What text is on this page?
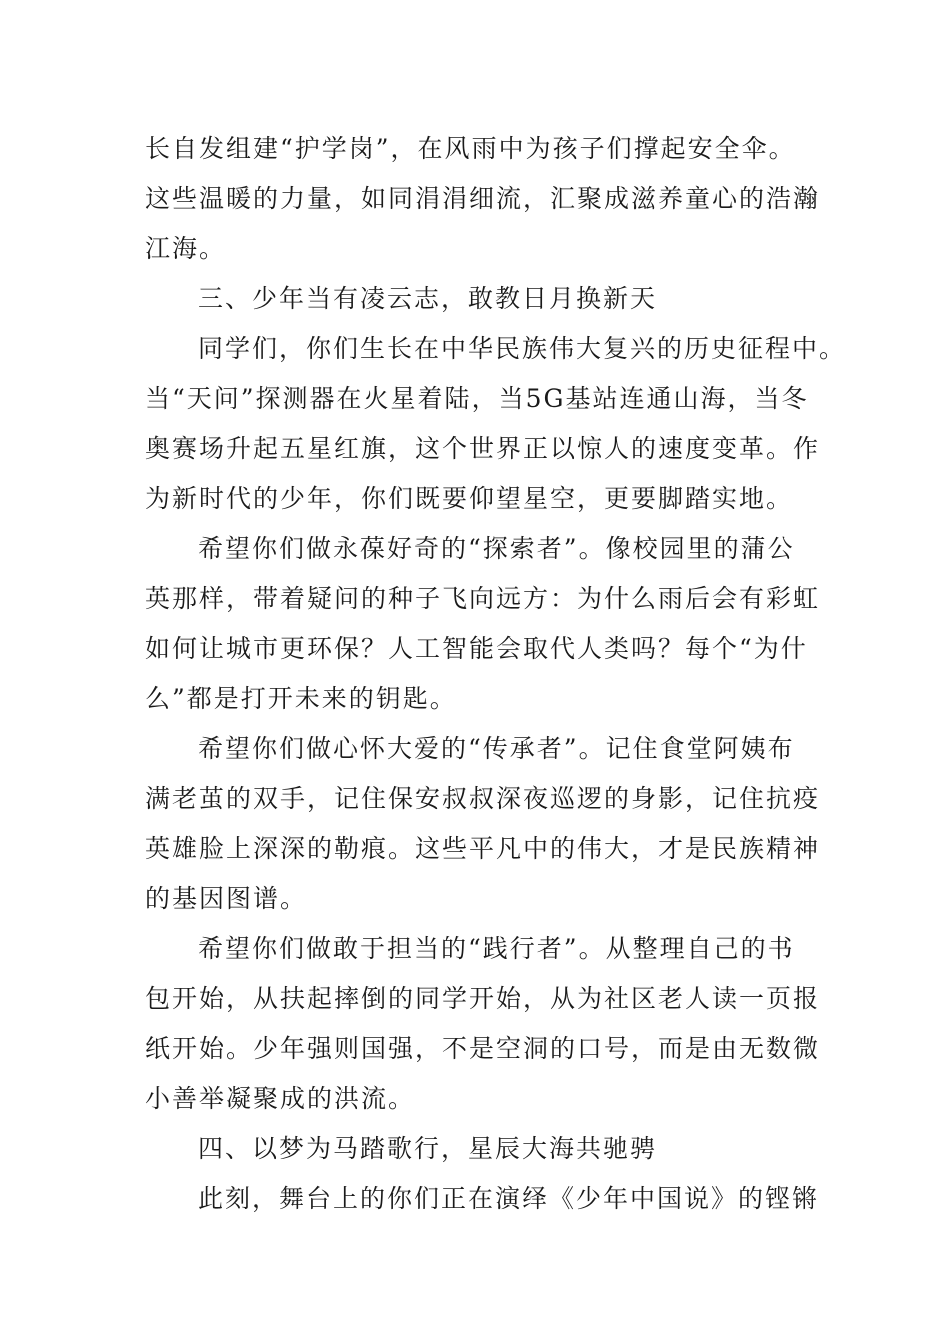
长自发组建“护学岗”，在风雨中为孩子们撑起安全伞。
这些温暖的力量，如同涓涓细流，汇聚成滋养童心的浩瀚
江海。
三、少年当有凌云志，敢教日月换新天
同学们，你们生长在中华民族伟大复兴的历史征程中。
当“天问”探测器在火星着陆，当5G基站连通山海，当冬
奥赛场升起五星红旗，这个世界正以惊人的速度变革。作
为新时代的少年，你们既要仰望星空，更要脚踏实地。
希望你们做永葆好奇的“探索者”。像校园里的蒲公
英那样，带着疑问的种子飞向远方：为什么雨后会有彩虹
如何让城市更环保？人工智能会取代人类吗？每个“为什
么”都是打开未来的钥匙。
希望你们做心怀大爱的“传承者”。记住食堂阿姨布
满老茧的双手，记住保安叔叔深夜巡逻的身影，记住抗疫
英雄脸上深深的勒痕。这些平凡中的伟大，才是民族精神
的基因图谱。
希望你们做敢于担当的“践行者”。从整理自己的书
包开始，从扶起摔倒的同学开始，从为社区老人读一页报
纸开始。少年强则国强，不是空洞的口号，而是由无数微
小善举凝聚成的洪流。
四、以梦为马踏歌行，星辰大海共驰骋
此刻，舞台上的你们正在演绎《少年中国说》的铿锵
